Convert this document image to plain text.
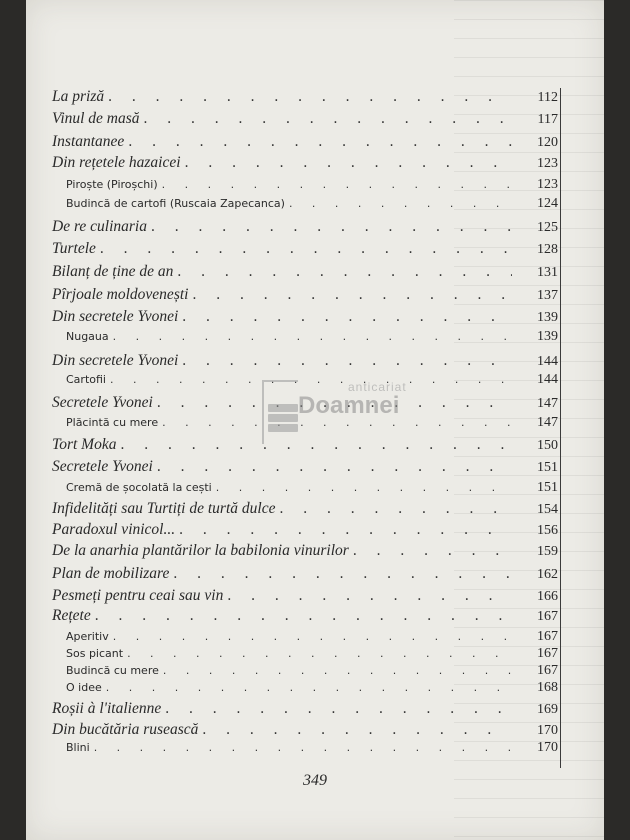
La priză . . .	112
Vinul de masă . . .	117
Instantanee . . .	120
Din rețetele hazaicei . . .	123
Piroște (Piroșchi) . . .	123
Budincă de cartofi (Ruscaia Zapecanca) . . .	124
De re culinaria . . .	125
Turtele . . .	128
Bilanț de ține de an . . .	131
Pîrjoale moldovenești . . .	137
Din secretele Yvonei . . .	139
Nugaua . . .	139
Din secretele Yvonei . . .	144
Cartofii . . .	144
Secretele Yvonei . . .	147
Plăcintă cu mere . . .	147
Tort Moka . . .	150
Secretele Yvonei . . .	151
Cremă de șocolată la cești . . .	151
Infidelități sau Turtiți de turtă dulce . . .	154
Paradoxul vinicol... . . .	156
De la anarhia plantărilor la babilonia vinurilor . . .	159
Plan de mobilizare . . .	162
Pesmeți pentru ceai sau vin . . .	166
Rețete . . .	167
Aperitiv . . .	167
Sos picant . . .	167
Budincă cu mere . . .	167
O idee . . .	168
Roșii à l'italienne . . .	169
Din bucătăria rusească . . .	170
Blini . . .	170
349
anticariat
Doamnei
